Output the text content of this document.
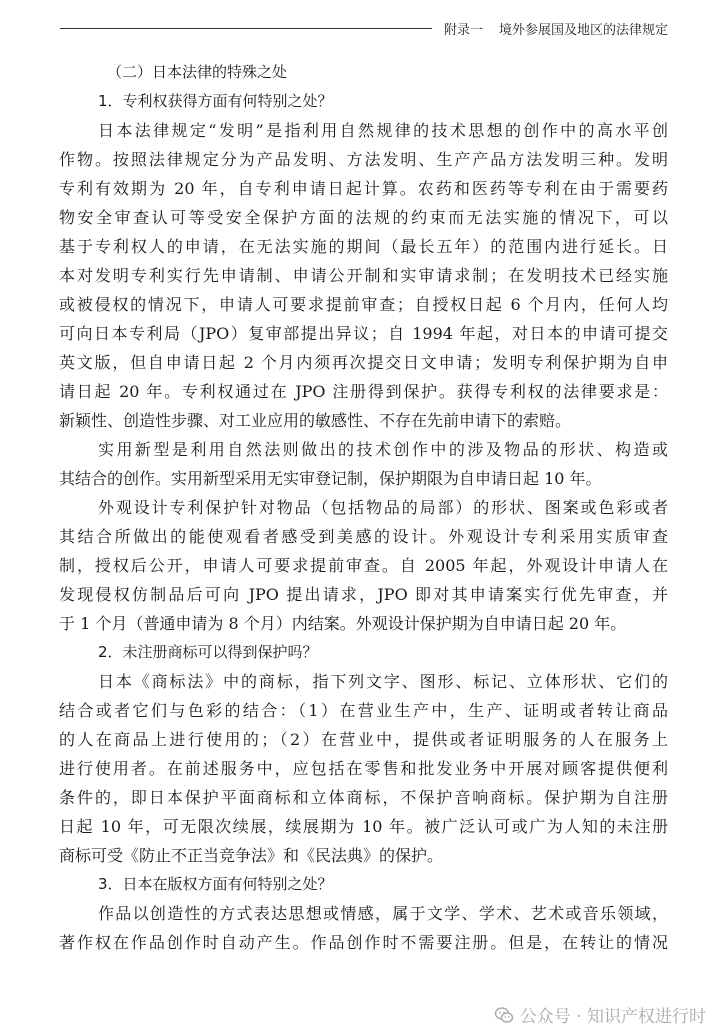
附录一 境外参展国及地区的法律规定
（二）日本法律的特殊之处
1．专利权获得方面有何特别之处？
日本法律规定“发明”是指利用自然规律的技术思想的创作中的高水平创
作物。按照法律规定分为产品发明、方法发明、生产产品方法发明三种。发明
专利有效期为 20 年，自专利申请日起计算。农药和医药等专利在由于需要药
物安全审查认可等受安全保护方面的法规的约束而无法实施的情况下，可以
基于专利权人的申请，在无法实施的期间（最长五年）的范围内进行延长。日
本对发明专利实行先申请制、申请公开制和实审请求制；在发明技术已经实施
或被侵权的情况下，申请人可要求提前审查；自授权日起 6 个月内，任何人均
可向日本专利局（JPO）复审部提出异议；自 1994 年起，对日本的申请可提交
英文版，但自申请日起 2 个月内须再次提交日文申请；发明专利保护期为自申
请日起 20 年。专利权通过在 JPO 注册得到保护。获得专利权的法律要求是：
新颖性、创造性步骤、对工业应用的敏感性、不存在先前申请下的索赔。
实用新型是利用自然法则做出的技术创作中的涉及物品的形状、构造或
其结合的创作。实用新型采用无实审登记制，保护期限为自申请日起 10 年。
外观设计专利保护针对物品（包括物品的局部）的形状、图案或色彩或者
其结合所做出的能使观看者感受到美感的设计。外观设计专利采用实质审查
制，授权后公开，申请人可要求提前审查。自 2005 年起，外观设计申请人在
发现侵权仿制品后可向 JPO 提出请求，JPO 即对其申请案实行优先审查，并
于 1 个月（普通申请为 8 个月）内结案。外观设计保护期为自申请日起 20 年。
2．未注册商标可以得到保护吗？
日本《商标法》中的商标，指下列文字、图形、标记、立体形状、它们的
结合或者它们与色彩的结合：（1）在营业生产中，生产、证明或者转让商品
的人在商品上进行使用的；（2）在营业中，提供或者证明服务的人在服务上
进行使用者。在前述服务中，应包括在零售和批发业务中开展对顾客提供便利
条件的，即日本保护平面商标和立体商标，不保护音响商标。保护期为自注册
日起 10 年，可无限次续展，续展期为 10 年。被广泛认可或广为人知的未注册
商标可受《防止不正当竞争法》和《民法典》的保护。
3．日本在版权方面有何特别之处？
作品以创造性的方式表达思想或情感，属于文学、学术、艺术或音乐领域，
著作权在作品创作时自动产生。作品创作时不需要注册。但是，在转让的情况
公众号 · 知识产权进行时
